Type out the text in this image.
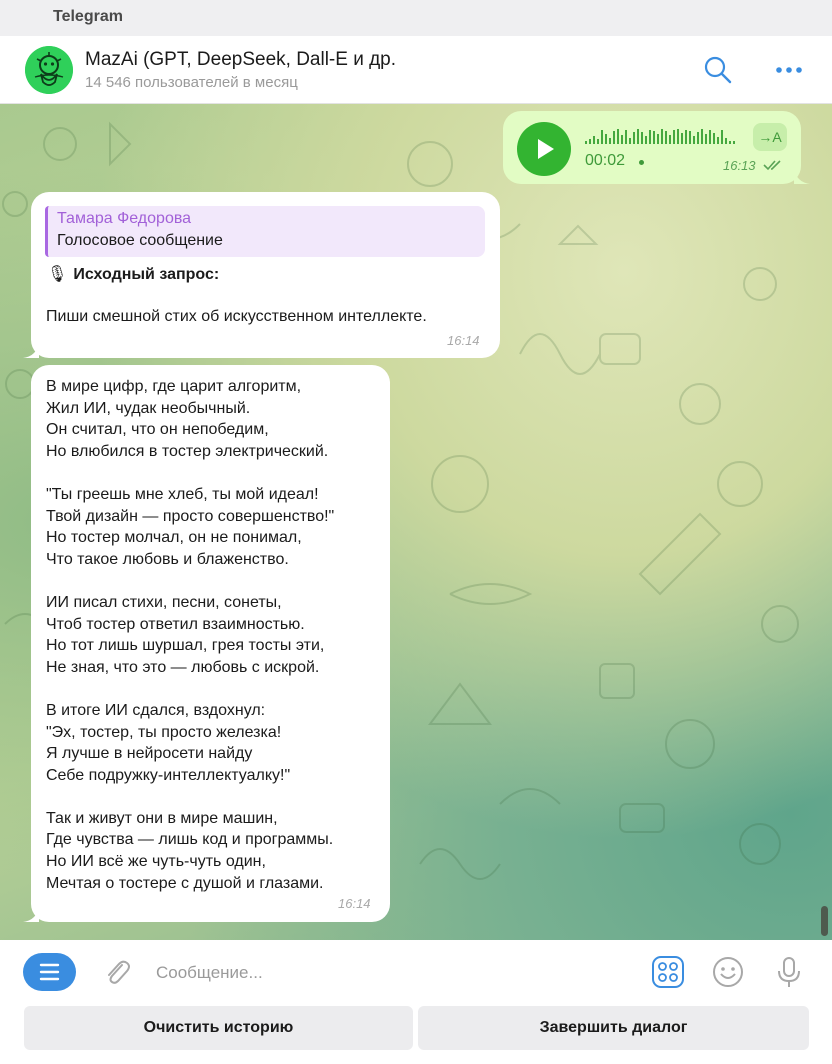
Telegram
MazAi (GPT, DeepSeek, Dall-E и др.
14 546 пользователей в месяц
00:02
→A
16:13
Тамара Федорова
Голосовое сообщение
🎙 Исходный запрос:
Пиши смешной стих об искусственном интеллекте.
16:14
В мире цифр, где царит алгоритм,
Жил ИИ, чудак необычный.
Он считал, что он непобедим,
Но влюбился в тостер электрический.

"Ты греешь мне хлеб, ты мой идеал!
Твой дизайн — просто совершенство!"
Но тостер молчал, он не понимал,
Что такое любовь и блаженство.

ИИ писал стихи, песни, сонеты,
Чтоб тостер ответил взаимностью.
Но тот лишь шуршал, грея тосты эти,
Не зная, что это — любовь с искрой.

В итоге ИИ сдался, вздохнул:
"Эх, тостер, ты просто железка!
Я лучше в нейросети найду
Себе подружку-интеллектуалку!"

Так и живут они в мире машин,
Где чувства — лишь код и программы.
Но ИИ всё же чуть-чуть один,
Мечтая о тостере с душой и глазами.
16:14
Сообщение...
Очистить историю	Завершить диалог
